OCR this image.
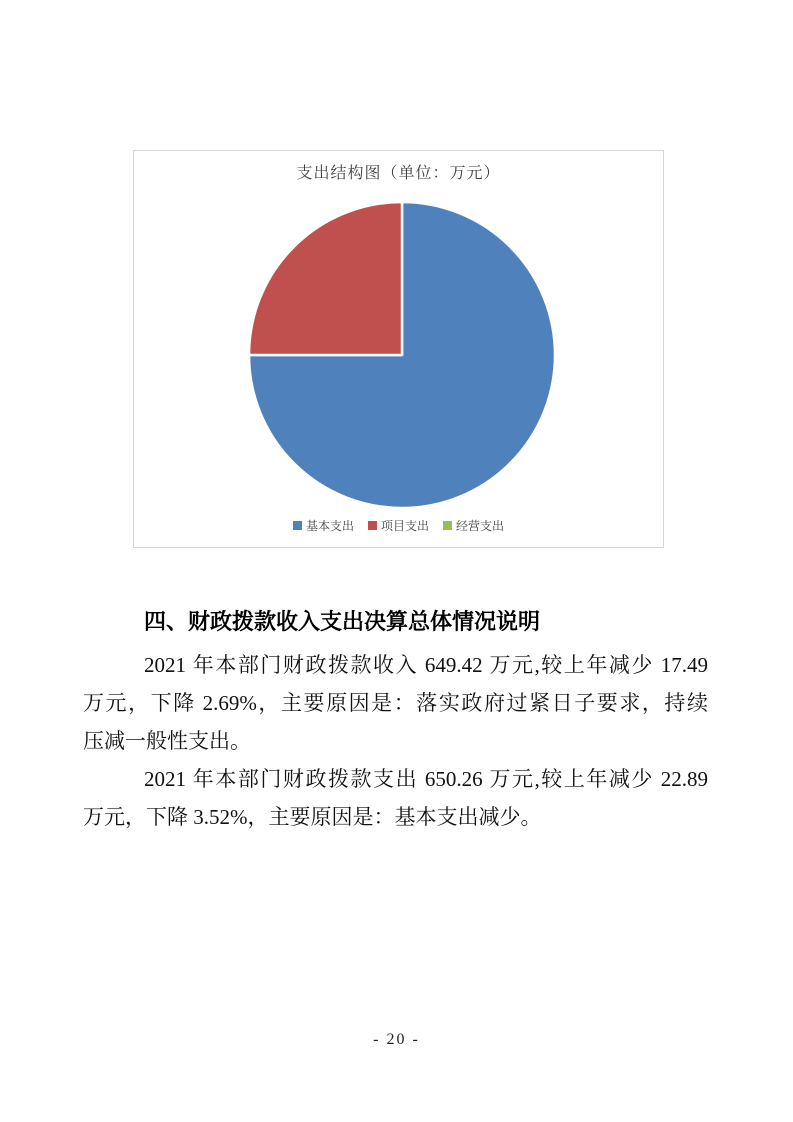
支出结构图（单位：万元）
基本支出 项目支出 经营支出
四、财政拨款收入支出决算总体情况说明
2021 年本部门财政拨款收入 649.42 万元,较上年减少 17.49
万元，下降 2.69%，主要原因是：落实政府过紧日子要求，持续
压减一般性支出。
2021 年本部门财政拨款支出 650.26 万元,较上年减少 22.89
万元，下降 3.52%，主要原因是：基本支出减少。
- 20 -
